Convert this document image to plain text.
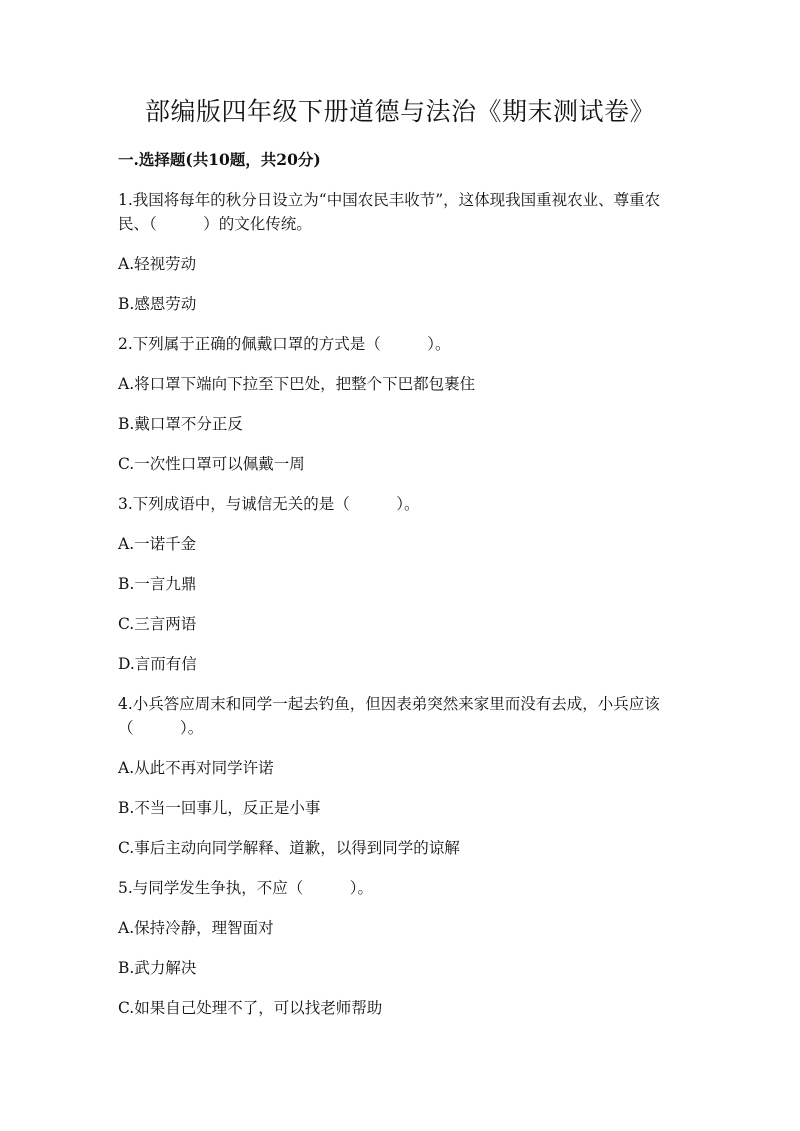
部编版四年级下册道德与法治《期末测试卷》
一.选择题(共10题，共20分)
1.我国将每年的秋分日设立为“中国农民丰收节”，这体现我国重视农业、尊重农民、（　　　）的文化传统。
A.轻视劳动
B.感恩劳动
2.下列属于正确的佩戴口罩的方式是（　　　）。
A.将口罩下端向下拉至下巴处，把整个下巴都包裹住
B.戴口罩不分正反
C.一次性口罩可以佩戴一周
3.下列成语中，与诚信无关的是（　　　）。
A.一诺千金
B.一言九鼎
C.三言两语
D.言而有信
4.小兵答应周末和同学一起去钓鱼，但因表弟突然来家里而没有去成，小兵应该（　　　）。
A.从此不再对同学许诺
B.不当一回事儿，反正是小事
C.事后主动向同学解释、道歉，以得到同学的谅解
5.与同学发生争执，不应（　　　）。
A.保持冷静，理智面对
B.武力解决
C.如果自己处理不了，可以找老师帮助
